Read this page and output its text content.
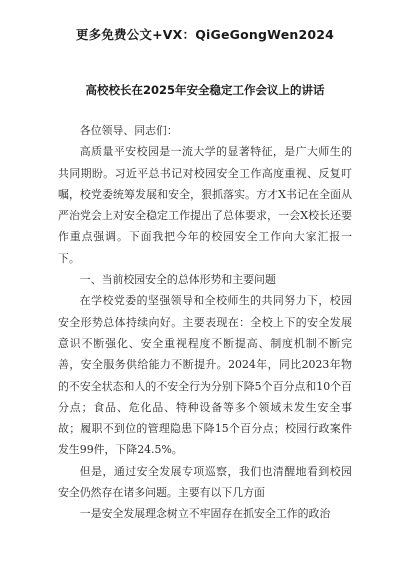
更多免费公文+VX：QiGeGongWen2024
高校校长在2025年安全稳定工作会议上的讲话

各位领导、同志们：

高质量平安校园是一流大学的显著特征，是广大师生的共同期盼。习近平总书记对校园安全工作高度重视、反复叮嘱，校党委统筹发展和安全，狠抓落实。方才X书记在全面从严治党会上对安全稳定工作提出了总体要求，一会X校长还要作重点强调。下面我把今年的校园安全工作向大家汇报一下。

一、当前校园安全的总体形势和主要问题

在学校党委的坚强领导和全校师生的共同努力下，校园安全形势总体持续向好。主要表现在：全校上下的安全发展意识不断强化、安全重视程度不断提高、制度机制不断完善，安全服务供给能力不断提升。2024年，同比2023年物的不安全状态和人的不安全行为分别下降5个百分点和10个百分点；食品、危化品、特种设备等多个领域未发生安全事故；履职不到位的管理隐患下降15个百分点；校园行政案件发生99件，下降24.5%。

但是，通过安全发展专项巡察，我们也清醒地看到校园安全仍然存在诸多问题。主要有以下几方面

一是安全发展理念树立不牢固存在抓安全工作的政治
